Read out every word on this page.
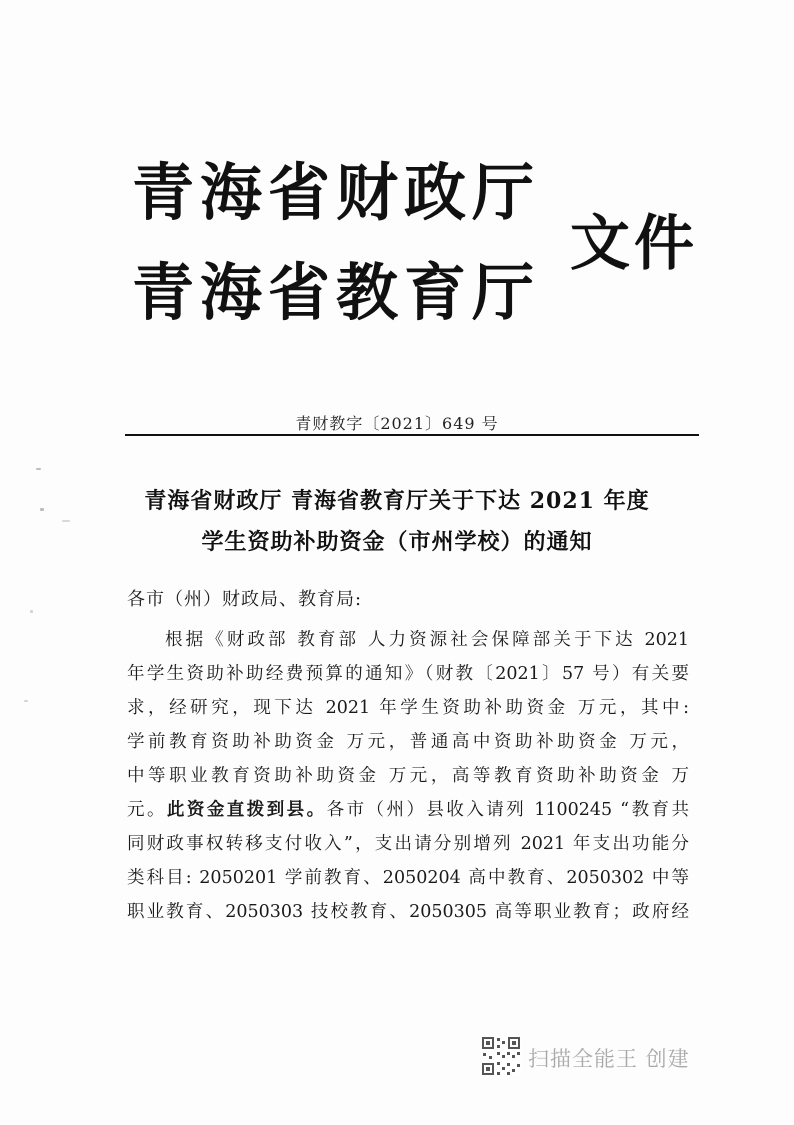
青海省财政厅
青海省教育厅
文件
青财教字〔2021〕649 号
青海省财政厅 青海省教育厅关于下达 2021 年度
学生资助补助资金（市州学校）的通知
各市（州）财政局、教育局:
根据《财政部 教育部 人力资源社会保障部关于下达 2021
年学生资助补助经费预算的通知》（财教〔2021〕57 号）有关要
求，经研究，现下达 2021 年学生资助补助资金 万元，其中:
学前教育资助补助资金 万元，普通高中资助补助资金 万元，
中等职业教育资助补助资金 万元，高等教育资助补助资金 万
元。此资金直拨到县。各市（州）县收入请列 1100245 “教育共
同财政事权转移支付收入”，支出请分别增列 2021 年支出功能分
类科目: 2050201 学前教育、2050204 高中教育、2050302 中等
职业教育、2050303 技校教育、2050305 高等职业教育；政府经
扫描全能王 创建
